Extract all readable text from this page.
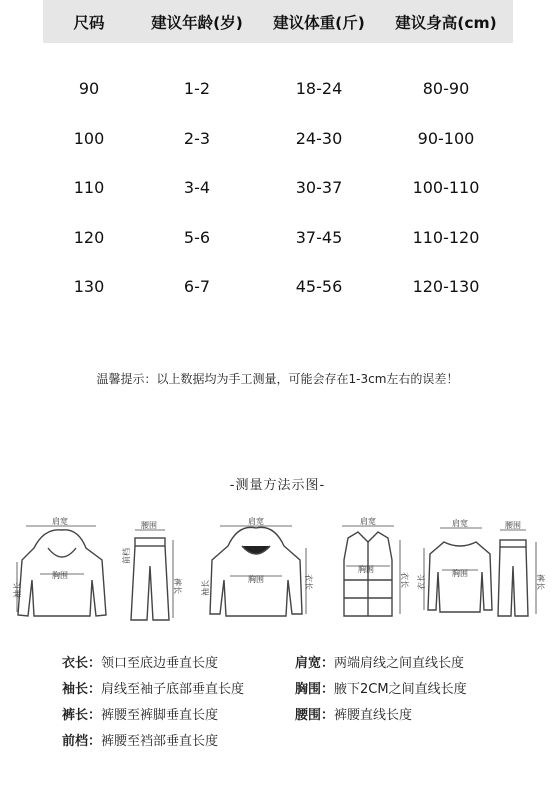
尺码	建议年龄(岁)	建议体重(斤)	建议身高(cm)
90	1-2	18-24	80-90
100	2-3	24-30	90-100
110	3-4	30-37	100-110
120	5-6	37-45	110-120
130	6-7	45-56	120-130
温馨提示：以上数据均为手工测量，可能会存在1-3cm左右的误差！
-测量方法示图-
肩宽
胸围
袖长
腰围
前档
裤长
肩宽
胸围
袖长	衣长
肩宽
胸围
衣长
肩宽
胸围
衣长
腰围
裤长
衣长：领口至底边垂直长度
袖长：肩线至袖子底部垂直长度
裤长：裤腰至裤脚垂直长度
前档：裤腰至裆部垂直长度
肩宽：两端肩线之间直线长度
胸围：腋下2CM之间直线长度
腰围：裤腰直线长度
